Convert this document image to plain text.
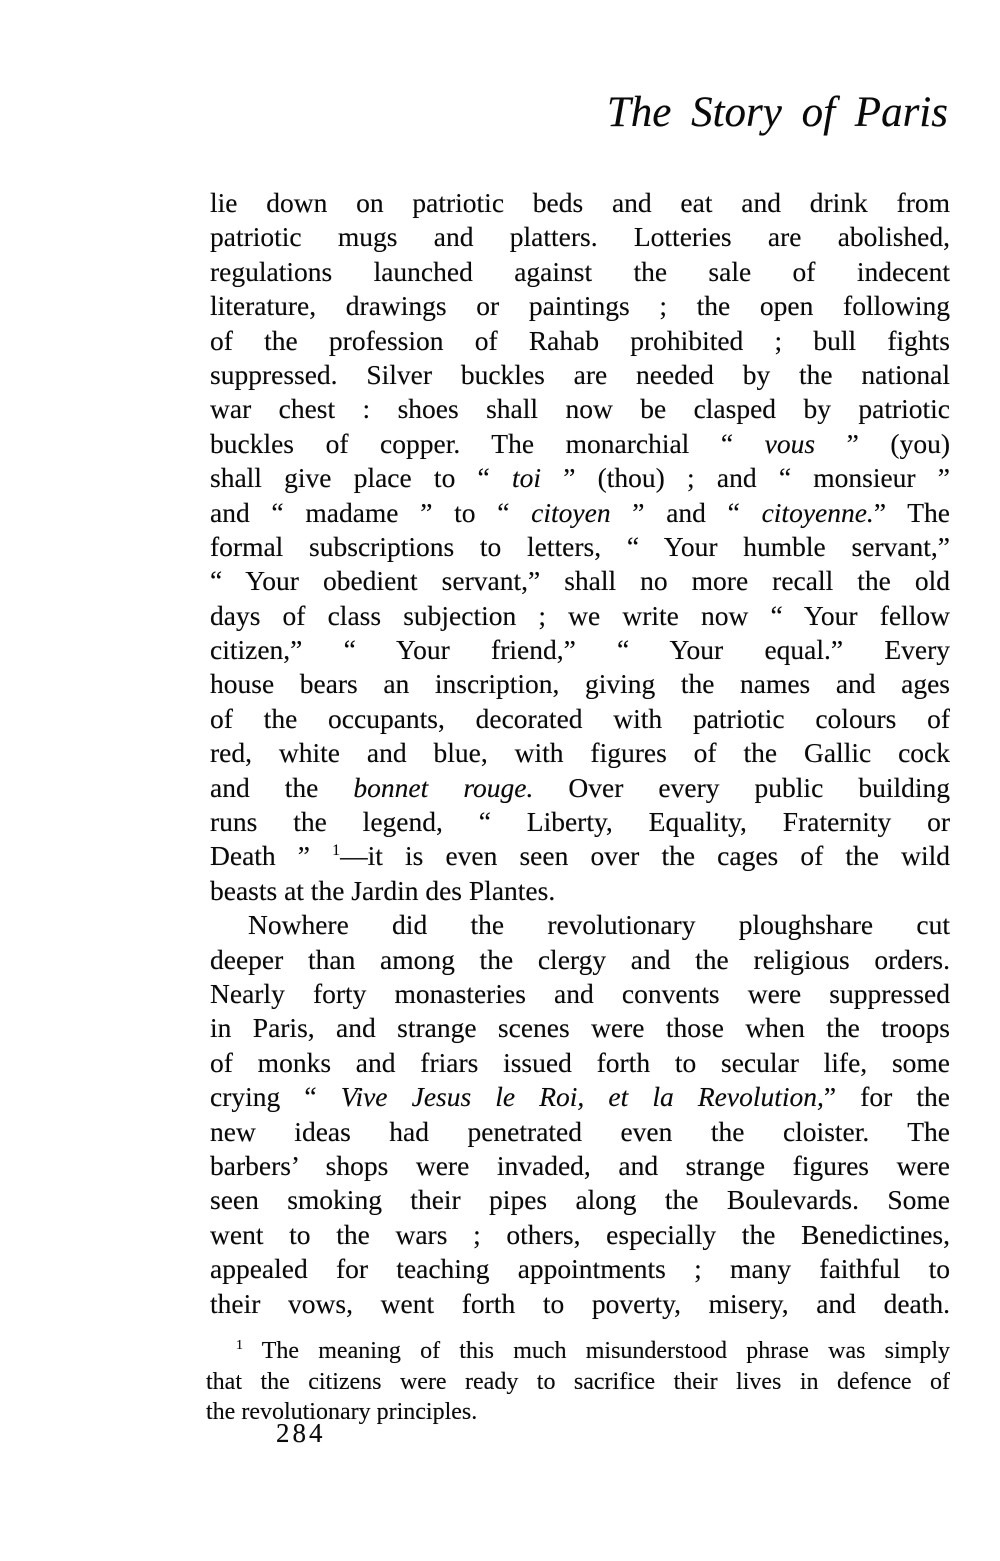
The Story of Paris
lie down on patriotic beds and eat and drink from
patriotic mugs and platters. Lotteries are abolished,
regulations launched against the sale of indecent
literature, drawings or paintings ; the open following
of the profession of Rahab prohibited ; bull fights
suppressed. Silver buckles are needed by the national
war chest : shoes shall now be clasped by patriotic
buckles of copper. The monarchial “ vous ” (you)
shall give place to “ toi ” (thou) ; and “ monsieur ”
and “ madame ” to “ citoyen ” and “ citoyenne.” The
formal subscriptions to letters, “ Your humble servant,”
“ Your obedient servant,” shall no more recall the old
days of class subjection ; we write now “ Your fellow
citizen,” “ Your friend,” “ Your equal.” Every
house bears an inscription, giving the names and ages
of the occupants, decorated with patriotic colours of
red, white and blue, with figures of the Gallic cock
and the bonnet rouge. Over every public building
runs the legend, “ Liberty, Equality, Fraternity or
Death ” $^1$—it is even seen over the cages of the wild
beasts at the Jardin des Plantes.
Nowhere did the revolutionary ploughshare cut
deeper than among the clergy and the religious orders.
Nearly forty monasteries and convents were suppressed
in Paris, and strange scenes were those when the troops
of monks and friars issued forth to secular life, some
crying “ Vive Jesus le Roi, et la Revolution,” for the
new ideas had penetrated even the cloister. The
barbers’ shops were invaded, and strange figures were
seen smoking their pipes along the Boulevards. Some
went to the wars ; others, especially the Benedictines,
appealed for teaching appointments ; many faithful to
their vows, went forth to poverty, misery, and death.
$^1$ The meaning of this much misunderstood phrase was simply
that the citizens were ready to sacrifice their lives in defence of
the revolutionary principles.
284
